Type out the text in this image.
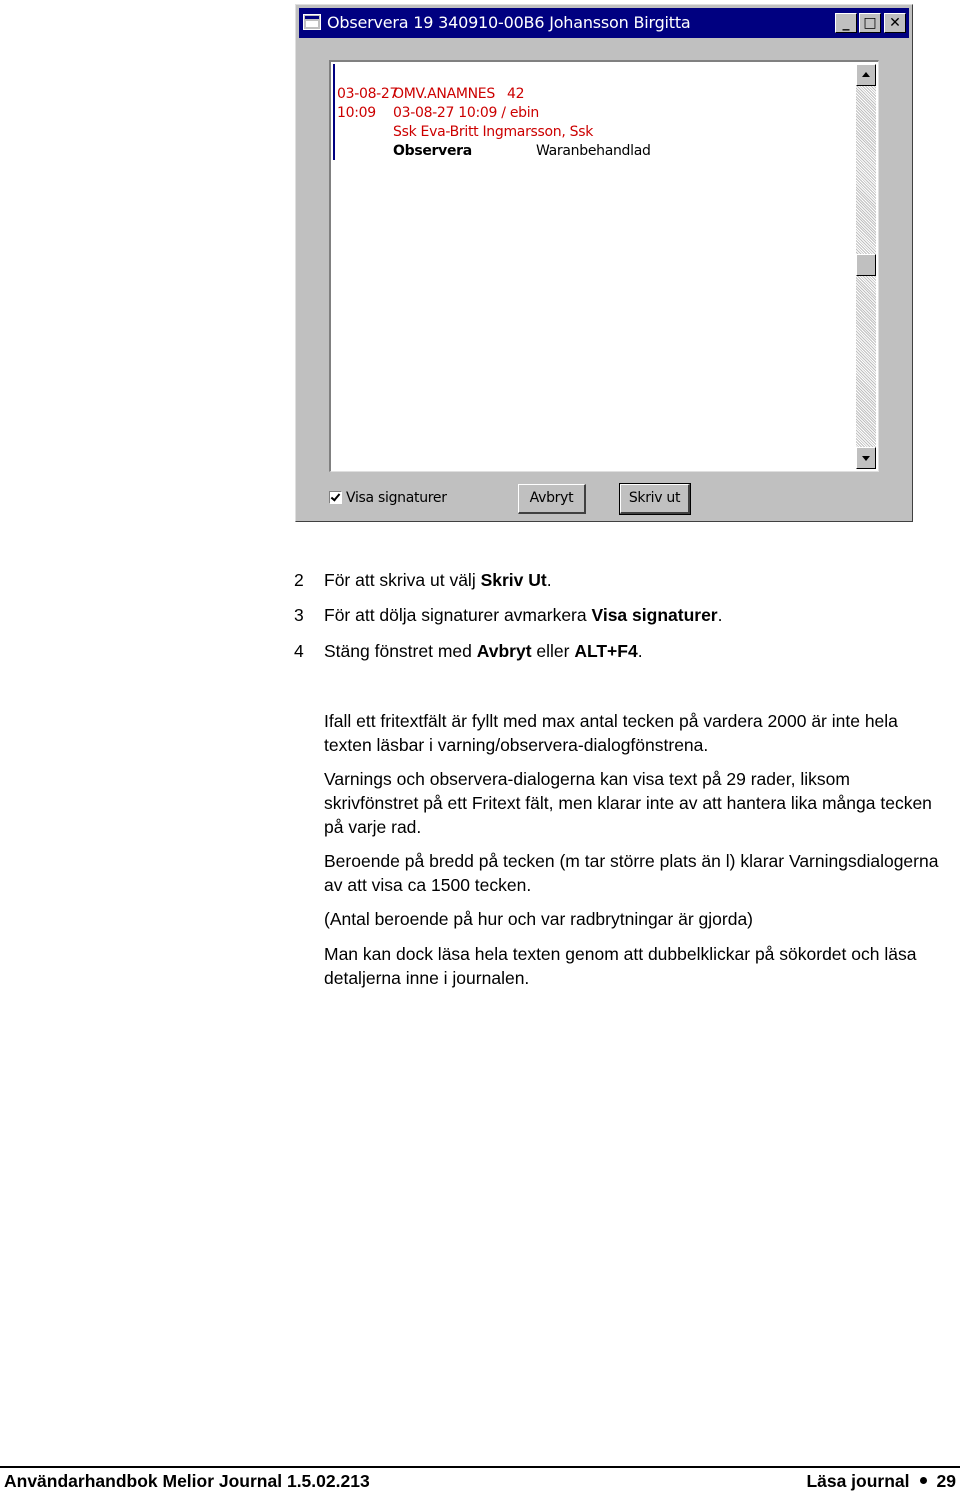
Observera 19 340910-00B6 Johansson Birgitta	_ □ ✕
03-08-27
OMV.ANAMNES 42
10:09 03-08-27 10:09 / ebin
Ssk Eva-Britt Ingmarsson, Ssk
Observera	Waranbehandlad
Visa signaturer	Avbryt	Skriv ut
2 För att skriva ut välj Skriv Ut.
3 För att dölja signaturer avmarkera Visa signaturer.
4 Stäng fönstret med Avbryt eller ALT+F4.
Ifall ett fritextfält är fyllt med max antal tecken på vardera 2000 är inte hela texten läsbar i varning/observera-dialogfönstrena.
Varnings och observera-dialogerna kan visa text på 29 rader, liksom skrivfönstret på ett Fritext fält, men klarar inte av att hantera lika många tecken på varje rad.
Beroende på bredd på tecken (m tar större plats än l) klarar Varningsdialogerna av att visa ca 1500 tecken.
(Antal beroende på hur och var radbrytningar är gjorda)
Man kan dock läsa hela texten genom att dubbelklickar på sökordet och läsa detaljerna inne i journalen.
Användarhandbok Melior Journal 1.5.02.213	Läsa journal 29
